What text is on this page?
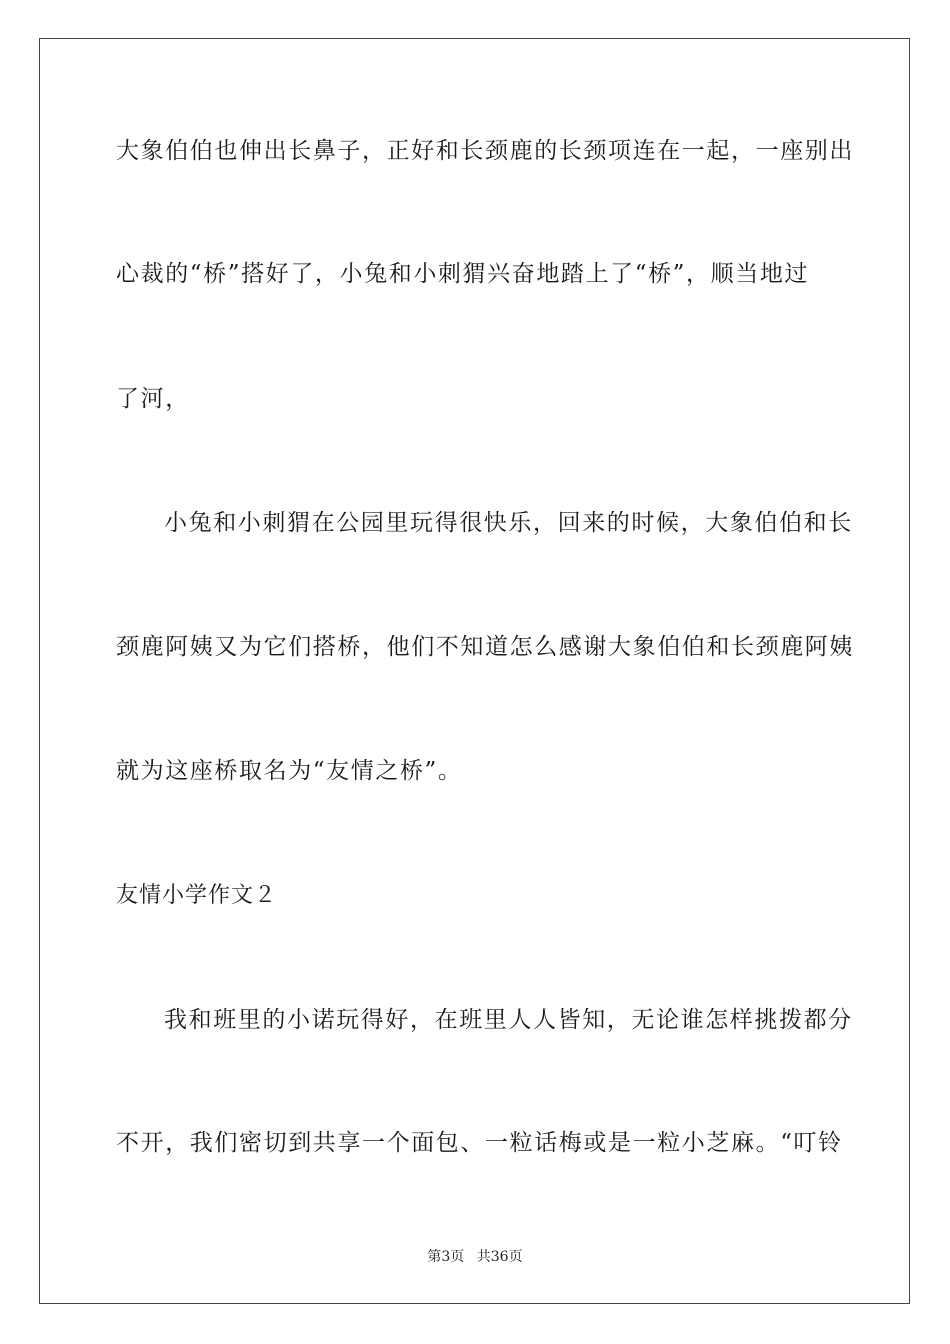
大象伯伯也伸出长鼻子，正好和长颈鹿的长颈项连在一起，一座别出
心裁的“桥”搭好了，小兔和小刺猬兴奋地踏上了“桥”，顺当地过
了河，
小兔和小刺猬在公园里玩得很快乐，回来的时候，大象伯伯和长
颈鹿阿姨又为它们搭桥，他们不知道怎么感谢大象伯伯和长颈鹿阿姨
就为这座桥取名为“友情之桥”。
友情小学作文２
我和班里的小诺玩得好，在班里人人皆知，无论谁怎样挑拨都分
不开，我们密切到共享一个面包、一粒话梅或是一粒小芝麻。“叮铃
第3页 共36页
